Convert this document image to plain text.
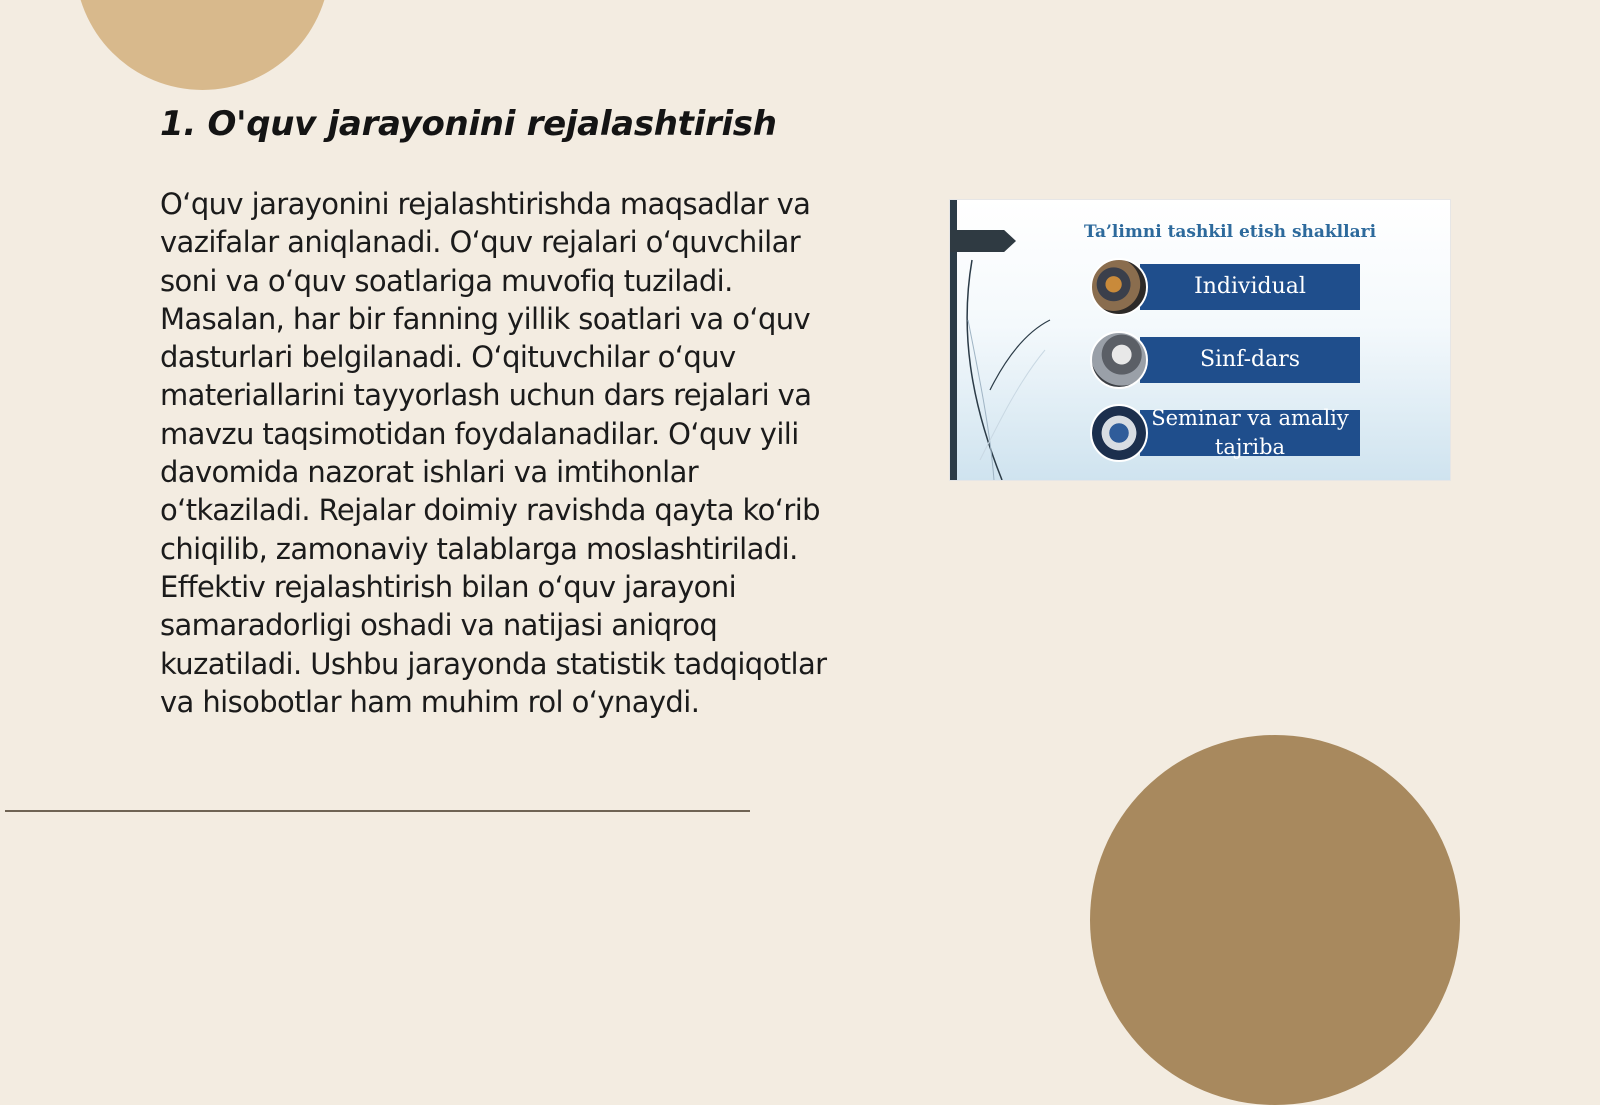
1. O'quv jarayonini rejalashtirish
O‘quv jarayonini rejalashtirishda maqsadlar va vazifalar aniqlanadi. O‘quv rejalari o‘quvchilar soni va o‘quv soatlariga muvofiq tuziladi. Masalan, har bir fanning yillik soatlari va o‘quv dasturlari belgilanadi. O‘qituvchilar o‘quv materiallarini tayyorlash uchun dars rejalari va mavzu taqsimotidan foydalanadilar. O‘quv yili davomida nazorat ishlari va imtihonlar o‘tkaziladi. Rejalar doimiy ravishda qayta ko‘rib chiqilib, zamonaviy talablarga moslashtiriladi. Effektiv rejalashtirish bilan o‘quv jarayoni samaradorligi oshadi va natijasi aniqroq kuzatiladi. Ushbu jarayonda statistik tadqiqotlar va hisobotlar ham muhim rol o‘ynaydi.
Ta’limni tashkil etish shakllari
Individual
Sinf-dars
Seminar va amaliy tajriba
